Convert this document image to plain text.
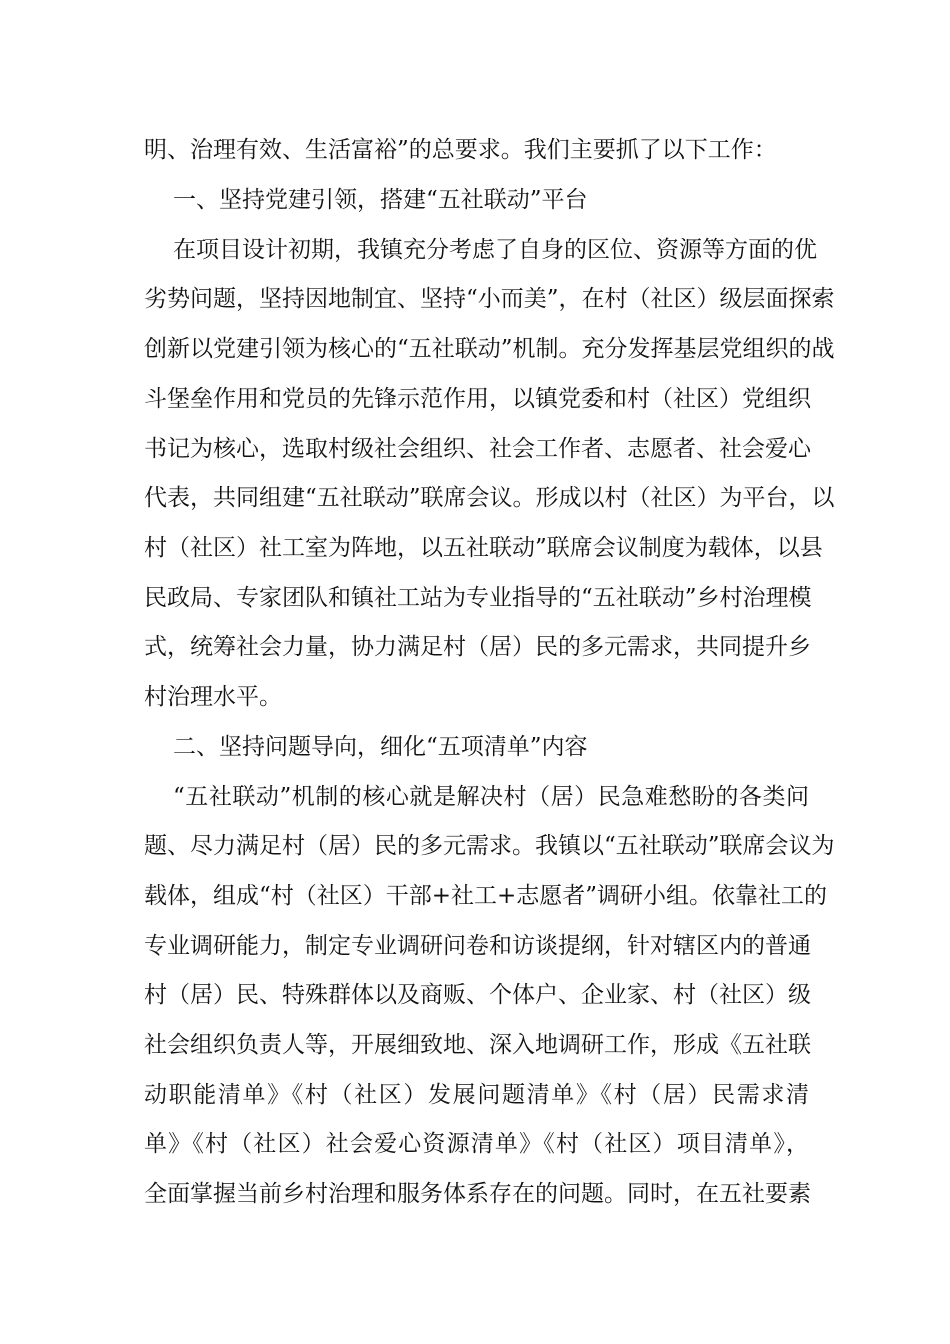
明、治理有效、生活富裕”的总要求。我们主要抓了以下工作：
一、坚持党建引领，搭建“五社联动”平台
在项目设计初期，我镇充分考虑了自身的区位、资源等方面的优
劣势问题，坚持因地制宜、坚持“小而美”，在村（社区）级层面探索
创新以党建引领为核心的“五社联动”机制。充分发挥基层党组织的战
斗堡垒作用和党员的先锋示范作用，以镇党委和村（社区）党组织
书记为核心，选取村级社会组织、社会工作者、志愿者、社会爱心
代表，共同组建“五社联动”联席会议。形成以村（社区）为平台，以
村（社区）社工室为阵地，以五社联动”联席会议制度为载体，以县
民政局、专家团队和镇社工站为专业指导的“五社联动”乡村治理模
式，统筹社会力量，协力满足村（居）民的多元需求，共同提升乡
村治理水平。
二、坚持问题导向，细化“五项清单”内容
“五社联动”机制的核心就是解决村（居）民急难愁盼的各类问
题、尽力满足村（居）民的多元需求。我镇以“五社联动”联席会议为
载体，组成“村（社区）干部+社工+志愿者”调研小组。依靠社工的
专业调研能力，制定专业调研问卷和访谈提纲，针对辖区内的普通
村（居）民、特殊群体以及商贩、个体户、企业家、村（社区）级
社会组织负责人等，开展细致地、深入地调研工作，形成《五社联
动职能清单》《村（社区）发展问题清单》《村（居）民需求清
单》《村（社区）社会爱心资源清单》《村（社区）项目清单》，
全面掌握当前乡村治理和服务体系存在的问题。同时，在五社要素
